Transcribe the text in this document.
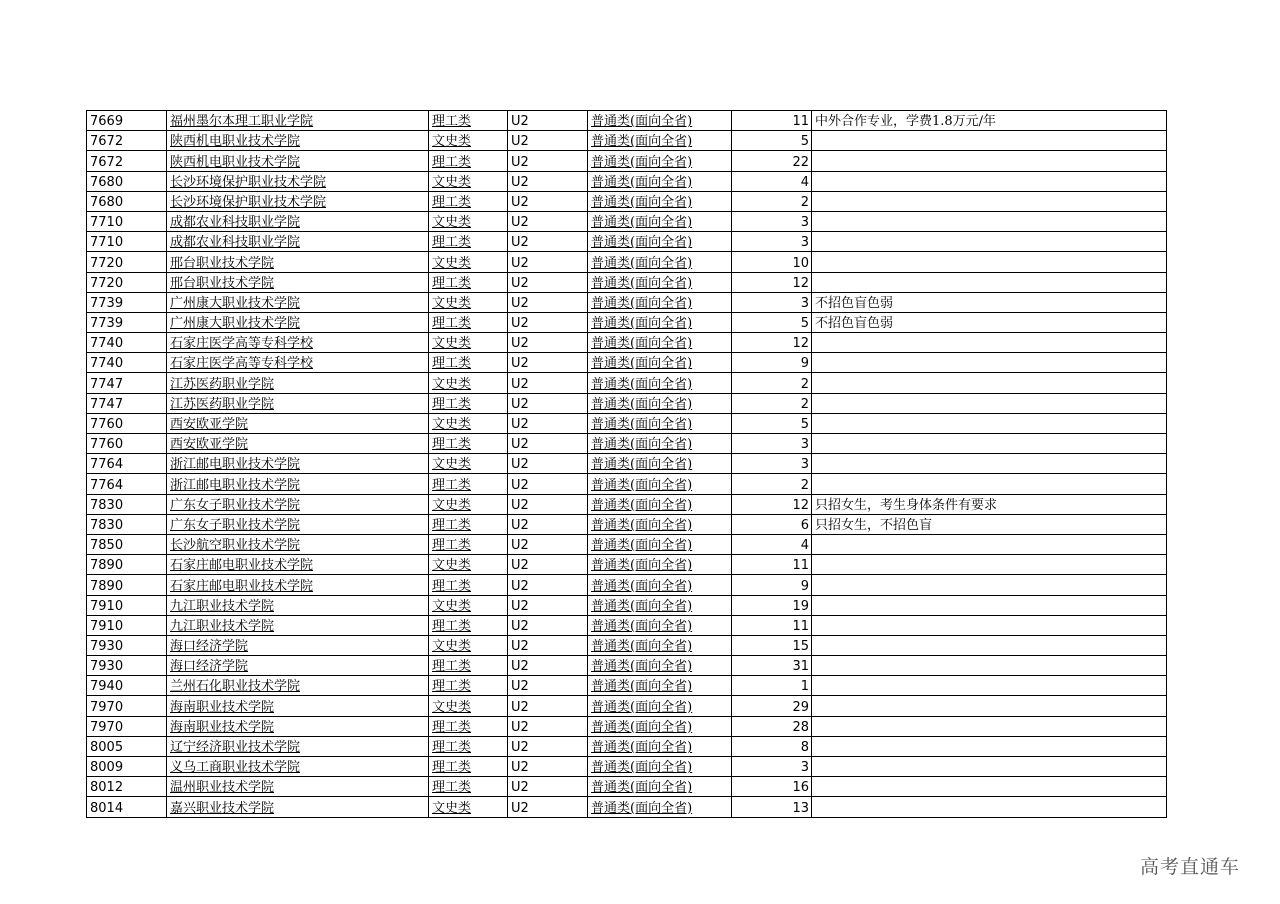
7669	福州墨尔本理工职业学院	理工类	U2	普通类(面向全省)	11	中外合作专业，学费1.8万元/年
7672	陕西机电职业技术学院	文史类	U2	普通类(面向全省)	5	
7672	陕西机电职业技术学院	理工类	U2	普通类(面向全省)	22	
7680	长沙环境保护职业技术学院	文史类	U2	普通类(面向全省)	4	
7680	长沙环境保护职业技术学院	理工类	U2	普通类(面向全省)	2	
7710	成都农业科技职业学院	文史类	U2	普通类(面向全省)	3	
7710	成都农业科技职业学院	理工类	U2	普通类(面向全省)	3	
7720	邢台职业技术学院	文史类	U2	普通类(面向全省)	10	
7720	邢台职业技术学院	理工类	U2	普通类(面向全省)	12	
7739	广州康大职业技术学院	文史类	U2	普通类(面向全省)	3	不招色盲色弱
7739	广州康大职业技术学院	理工类	U2	普通类(面向全省)	5	不招色盲色弱
7740	石家庄医学高等专科学校	文史类	U2	普通类(面向全省)	12	
7740	石家庄医学高等专科学校	理工类	U2	普通类(面向全省)	9	
7747	江苏医药职业学院	文史类	U2	普通类(面向全省)	2	
7747	江苏医药职业学院	理工类	U2	普通类(面向全省)	2	
7760	西安欧亚学院	文史类	U2	普通类(面向全省)	5	
7760	西安欧亚学院	理工类	U2	普通类(面向全省)	3	
7764	浙江邮电职业技术学院	文史类	U2	普通类(面向全省)	3	
7764	浙江邮电职业技术学院	理工类	U2	普通类(面向全省)	2	
7830	广东女子职业技术学院	文史类	U2	普通类(面向全省)	12	只招女生，考生身体条件有要求
7830	广东女子职业技术学院	理工类	U2	普通类(面向全省)	6	只招女生，不招色盲
7850	长沙航空职业技术学院	理工类	U2	普通类(面向全省)	4	
7890	石家庄邮电职业技术学院	文史类	U2	普通类(面向全省)	11	
7890	石家庄邮电职业技术学院	理工类	U2	普通类(面向全省)	9	
7910	九江职业技术学院	文史类	U2	普通类(面向全省)	19	
7910	九江职业技术学院	理工类	U2	普通类(面向全省)	11	
7930	海口经济学院	文史类	U2	普通类(面向全省)	15	
7930	海口经济学院	理工类	U2	普通类(面向全省)	31	
7940	兰州石化职业技术学院	理工类	U2	普通类(面向全省)	1	
7970	海南职业技术学院	文史类	U2	普通类(面向全省)	29	
7970	海南职业技术学院	理工类	U2	普通类(面向全省)	28	
8005	辽宁经济职业技术学院	理工类	U2	普通类(面向全省)	8	
8009	义乌工商职业技术学院	理工类	U2	普通类(面向全省)	3	
8012	温州职业技术学院	理工类	U2	普通类(面向全省)	16	
8014	嘉兴职业技术学院	文史类	U2	普通类(面向全省)	13	
高考直通车
